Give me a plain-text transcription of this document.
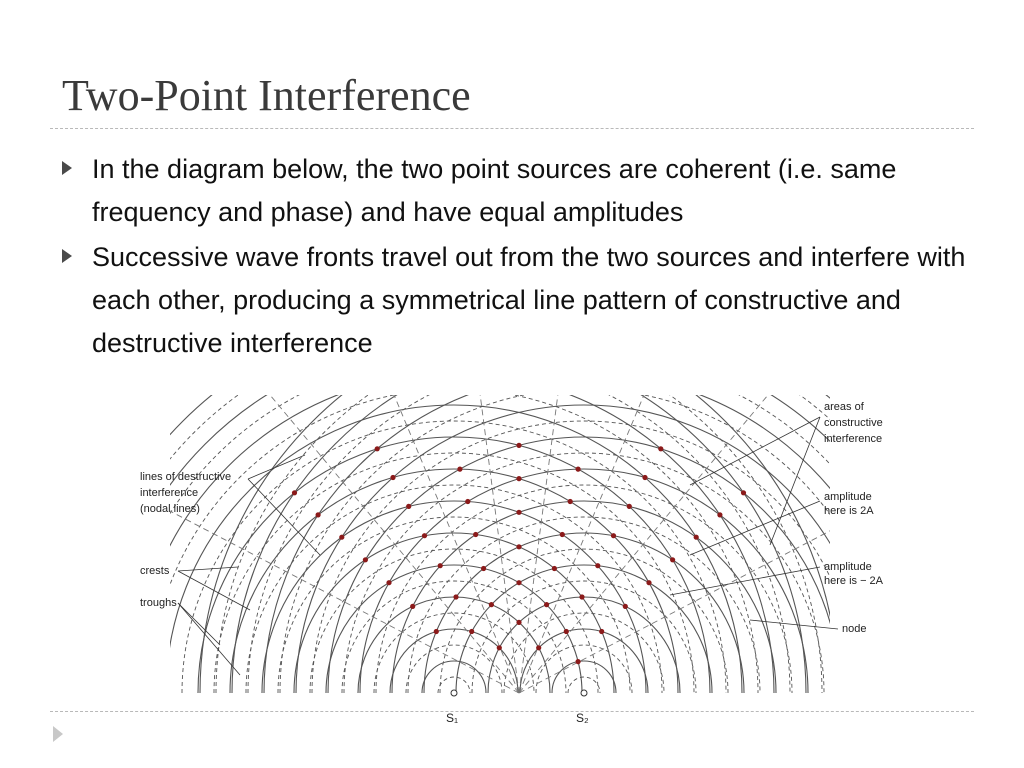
Two-Point Interference
In the diagram below, the two point sources are coherent (i.e. same frequency and phase) and have equal amplitudes
Successive wave fronts travel out from the two sources and interfere with each other, producing a symmetrical line pattern of constructive and destructive interference
lines of destructive
interference
(nodal lines)
crests
troughs
areas of
constructive
interference
amplitude
here is 2A
amplitude
here is − 2A
node
S₁	S₂
